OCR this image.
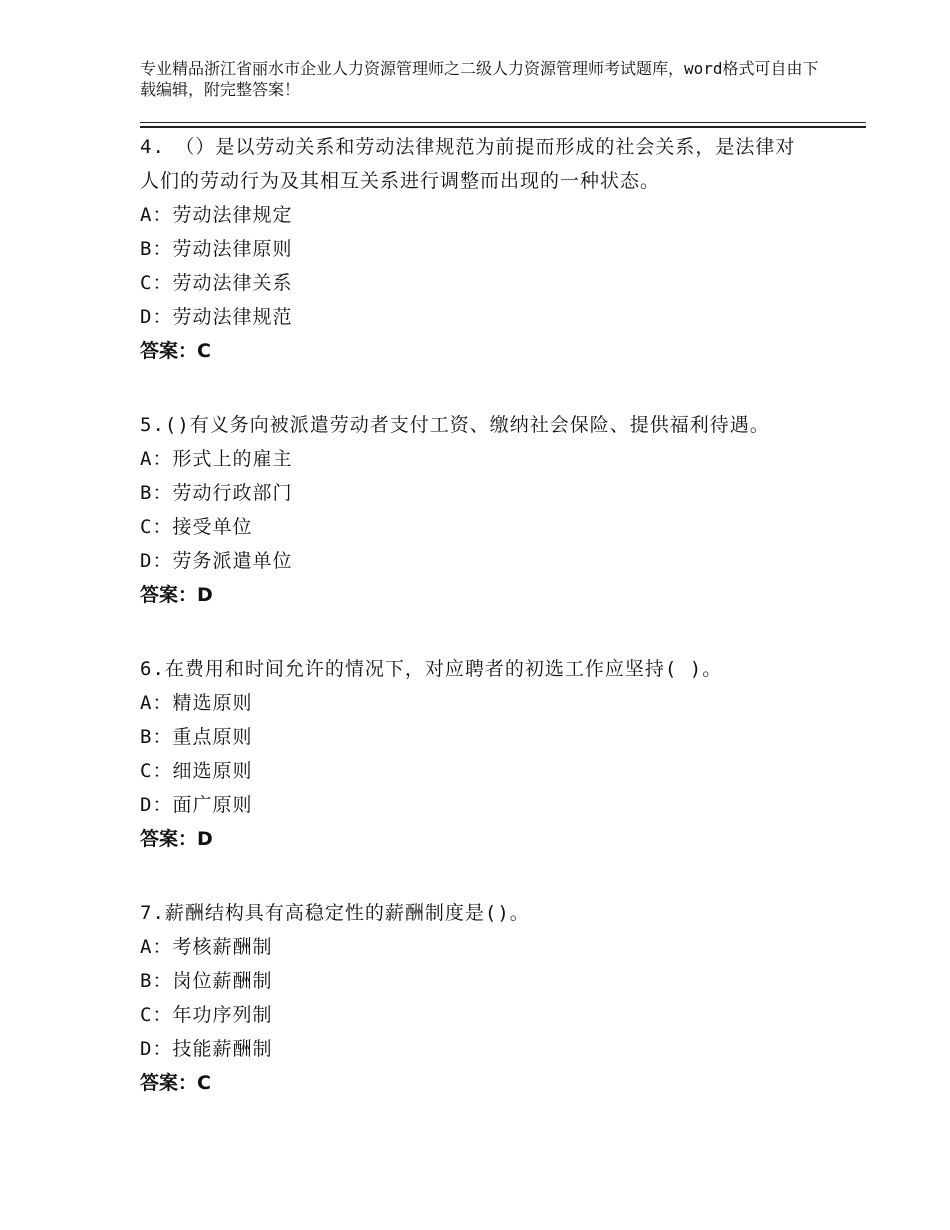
专业精品浙江省丽水市企业人力资源管理师之二级人力资源管理师考试题库，word格式可自由下载编辑，附完整答案！
4.　（）是以劳动关系和劳动法律规范为前提而形成的社会关系，是法律对人们的劳动行为及其相互关系进行调整而出现的一种状态。
A：劳动法律规定
B：劳动法律原则
C：劳动法律关系
D：劳动法律规范
答案：C
5.()有义务向被派遣劳动者支付工资、缴纳社会保险、提供福利待遇。
A：形式上的雇主
B：劳动行政部门
C：接受单位
D：劳务派遣单位
答案：D
6.在费用和时间允许的情况下，对应聘者的初选工作应坚持( )。
A：精选原则
B：重点原则
C：细选原则
D：面广原则
答案：D
7.薪酬结构具有高稳定性的薪酬制度是()。
A：考核薪酬制
B：岗位薪酬制
C：年功序列制
D：技能薪酬制
答案：C
